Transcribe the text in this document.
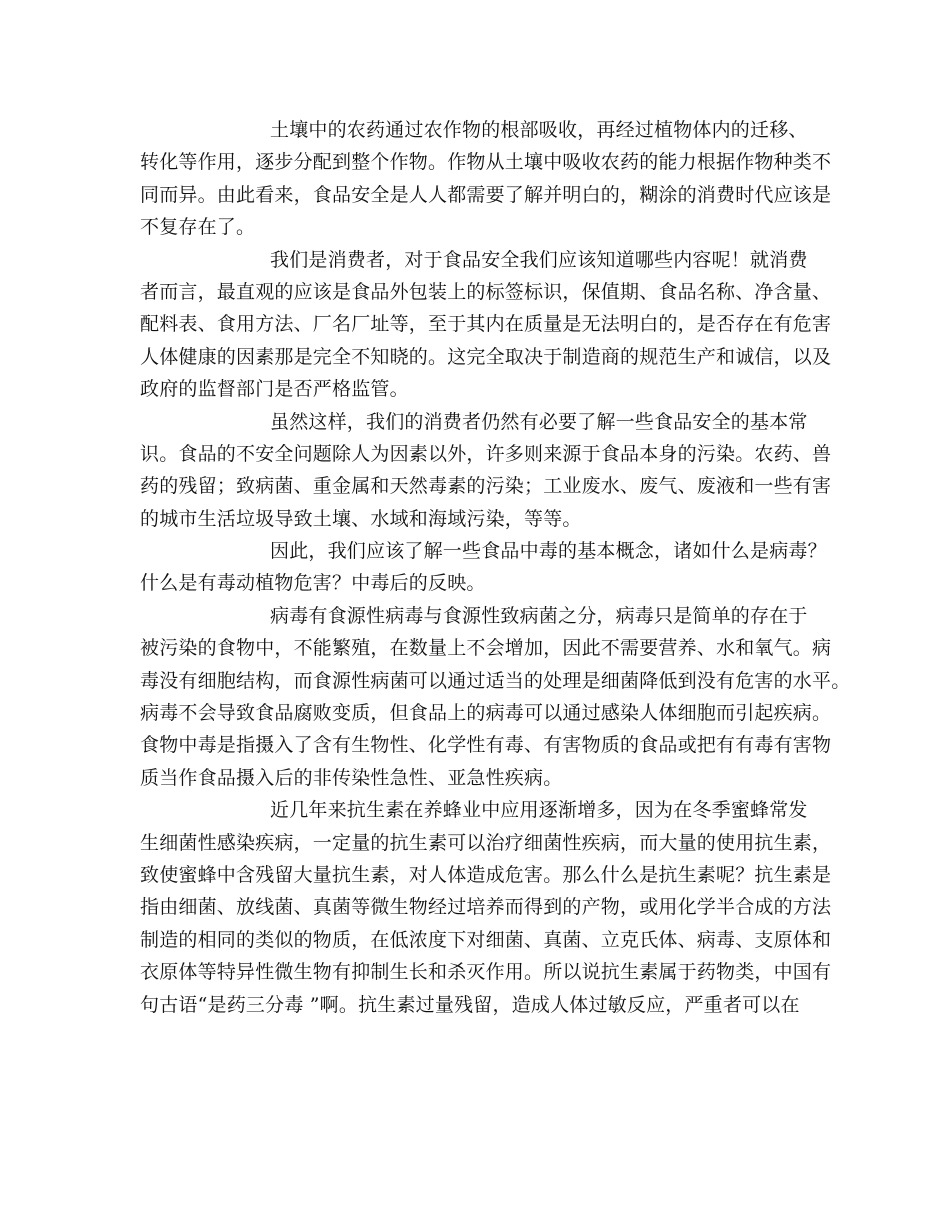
土壤中的农药通过农作物的根部吸收，再经过植物体内的迁移、
转化等作用，逐步分配到整个作物。作物从土壤中吸收农药的能力根据作物种类不
同而异。由此看来，食品安全是人人都需要了解并明白的，糊涂的消费时代应该是
不复存在了。

我们是消费者，对于食品安全我们应该知道哪些内容呢！就消费
者而言，最直观的应该是食品外包装上的标签标识，保值期、食品名称、净含量、
配料表、食用方法、厂名厂址等，至于其内在质量是无法明白的，是否存在有危害
人体健康的因素那是完全不知晓的。这完全取决于制造商的规范生产和诚信，以及
政府的监督部门是否严格监管。

虽然这样，我们的消费者仍然有必要了解一些食品安全的基本常
识。食品的不安全问题除人为因素以外，许多则来源于食品本身的污染。农药、兽
药的残留；致病菌、重金属和天然毒素的污染；工业废水、废气、废液和一些有害
的城市生活垃圾导致土壤、水域和海域污染，等等。

因此，我们应该了解一些食品中毒的基本概念，诸如什么是病毒？
什么是有毒动植物危害？中毒后的反映。

病毒有食源性病毒与食源性致病菌之分，病毒只是简单的存在于
被污染的食物中，不能繁殖，在数量上不会增加，因此不需要营养、水和氧气。病
毒没有细胞结构，而食源性病菌可以通过适当的处理是细菌降低到没有危害的水平。
病毒不会导致食品腐败变质，但食品上的病毒可以通过感染人体细胞而引起疾病。
食物中毒是指摄入了含有生物性、化学性有毒、有害物质的食品或把有有毒有害物
质当作食品摄入后的非传染性急性、亚急性疾病。

近几年来抗生素在养蜂业中应用逐渐增多，因为在冬季蜜蜂常发
生细菌性感染疾病，一定量的抗生素可以治疗细菌性疾病，而大量的使用抗生素，
致使蜜蜂中含残留大量抗生素，对人体造成危害。那么什么是抗生素呢？抗生素是
指由细菌、放线菌、真菌等微生物经过培养而得到的产物，或用化学半合成的方法
制造的相同的类似的物质，在低浓度下对细菌、真菌、立克氏体、病毒、支原体和
衣原体等特异性微生物有抑制生长和杀灭作用。所以说抗生素属于药物类，中国有
句古语“是药三分毒 ”啊。抗生素过量残留，造成人体过敏反应，严重者可以在
